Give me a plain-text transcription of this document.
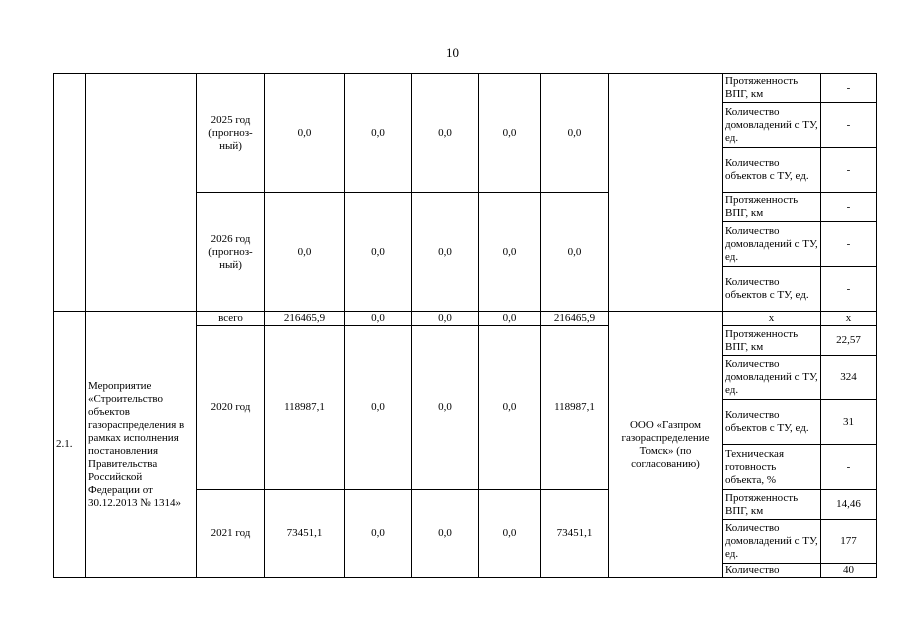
10
		2025 год (прогноз-ный)	0,0	0,0	0,0	0,0	0,0		Протяженность ВПГ, км	-
									Количество домовладений с ТУ, ед.	-
									Количество объектов с ТУ, ед.	-
		2026 год (прогноз-ный)	0,0	0,0	0,0	0,0	0,0		Протяженность ВПГ, км	-
									Количество домовладений с ТУ, ед.	-
									Количество объектов с ТУ, ед.	-
2.1.	Мероприятие «Строительство объектов газораспределения в рамках исполнения постановления Правительства Российской Федерации от 30.12.2013 № 1314»	всего	216465,9	0,0	0,0	0,0	216465,9	ООО «Газпром газораспределение Томск» (по согласованию)	х	х
		2020 год	118987,1	0,0	0,0	0,0	118987,1		Протяженность ВПГ, км	22,57
									Количество домовладений с ТУ, ед.	324
									Количество объектов с ТУ, ед.	31
									Техническая готовность объекта, %	-
		2021 год	73451,1	0,0	0,0	0,0	73451,1		Протяженность ВПГ, км	14,46
									Количество домовладений с ТУ, ед.	177
									Количество	40
